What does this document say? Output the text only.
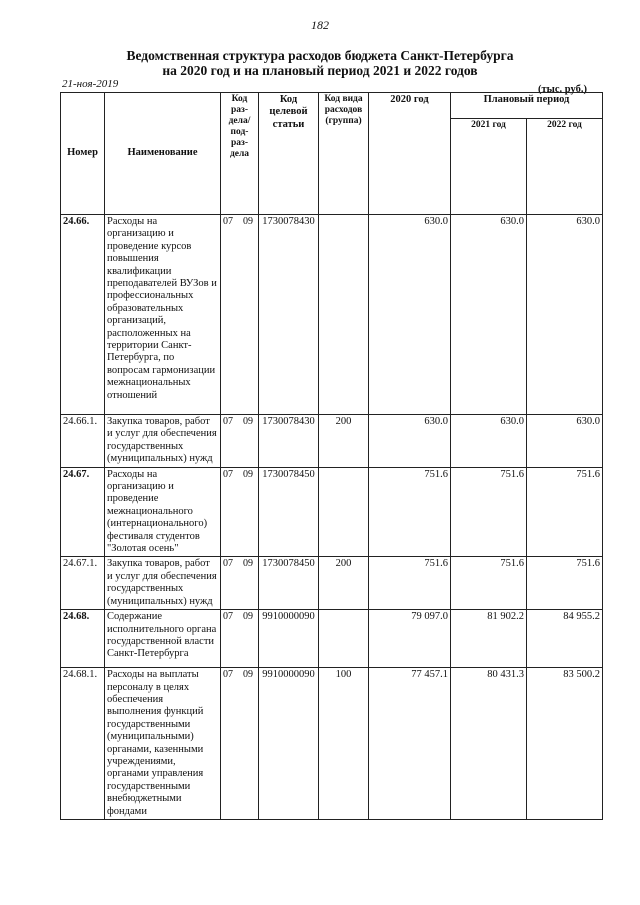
182
Ведомственная структура расходов бюджета Санкт-Петербурга
на 2020 год и на плановый период 2021 и 2022 годов
21-ноя-2019	(тыс. руб.)
Номер	Наименование	Код раз-дела/ под-раз-дела	Код целевой статьи	Код вида расходов (группа)	2020 год	Плановый период	
						2021 год	2022 год
24.66.	Расходы на организацию и проведение курсов повышения квалификации преподавателей ВУЗов и профессиональных образовательных организаций, расположенных на территории Санкт-Петербурга, по вопросам гармонизации межнациональных отношений	07 09	1730078430		630.0	630.0	630.0
24.66.1.	Закупка товаров, работ и услуг для обеспечения государственных (муниципальных) нужд	07 09	1730078430	200	630.0	630.0	630.0
24.67.	Расходы на организацию и проведение межнационального (интернационального) фестиваля студентов "Золотая осень"	07 09	1730078450		751.6	751.6	751.6
24.67.1.	Закупка товаров, работ и услуг для обеспечения государственных (муниципальных) нужд	07 09	1730078450	200	751.6	751.6	751.6
24.68.	Содержание исполнительного органа государственной власти Санкт-Петербурга	07 09	9910000090		79 097.0	81 902.2	84 955.2
24.68.1.	Расходы на выплаты персоналу в целях обеспечения выполнения функций государственными (муниципальными) органами, казенными учреждениями, органами управления государственными внебюджетными фондами	07 09	9910000090	100	77 457.1	80 431.3	83 500.2
